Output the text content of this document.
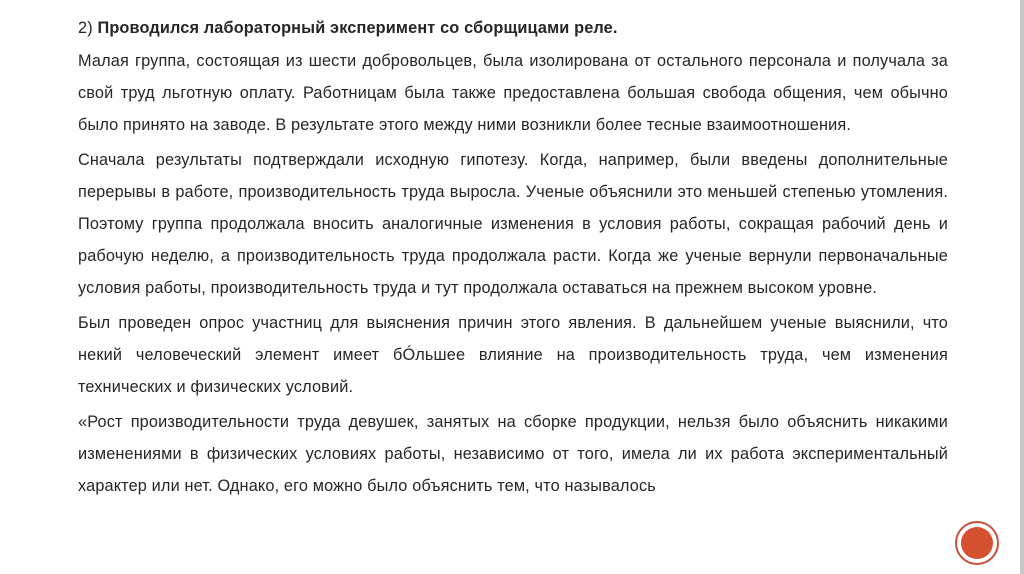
2) Проводился лабораторный эксперимент со сборщицами реле.

Малая группа, состоящая из шести добровольцев, была изолирована от остального персонала и получала за свой труд льготную оплату. Работницам была также предоставлена большая свобода общения, чем обычно было принято на заводе. В результате этого между ними возникли более тесные взаимоотношения.

Сначала результаты подтверждали исходную гипотезу. Когда, например, были введены дополнительные перерывы в работе, производительность труда выросла. Ученые объяснили это меньшей степенью утомления. Поэтому группа продолжала вносить аналогичные изменения в условия работы, сокращая рабочий день и рабочую неделю, а производительность труда продолжала расти. Когда же ученые вернули первоначальные условия работы, производительность труда и тут продолжала оставаться на прежнем высоком уровне.

Был проведен опрос участниц для выяснения причин этого явления. В дальнейшем ученые выяснили, что некий человеческий элемент имеет бÓльшее влияние на производительность труда, чем изменения технических и физических условий.

«Рост производительности труда девушек, занятых на сборке продукции, нельзя было объяснить никакими изменениями в физических условиях работы, независимо от того, имела ли их работа экспериментальный характер или нет. Однако, его можно было объяснить тем, что называлось
